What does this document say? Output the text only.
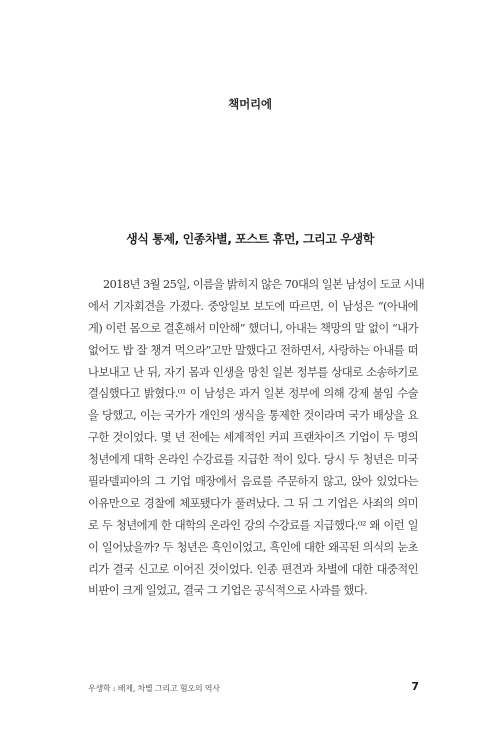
책머리에
생식 통제, 인종차별, 포스트 휴먼, 그리고 우생학
2018년 3월 25일, 이름을 밝히지 않은 70대의 일본 남성이 도쿄 시내
에서 기자회견을 가졌다. 중앙일보 보도에 따르면, 이 남성은 “(아내에
게) 이런 몸으로 결혼해서 미안해” 했더니, 아내는 책망의 말 없이 “내가
없어도 밥 잘 챙겨 먹으라”고만 말했다고 전하면서, 사랑하는 아내를 떠
나보내고 난 뒤, 자기 몸과 인생을 망친 일본 정부를 상대로 소송하기로
결심했다고 밝혔다.⁰¹ 이 남성은 과거 일본 정부에 의해 강제 불임 수술
을 당했고, 이는 국가가 개인의 생식을 통제한 것이라며 국가 배상을 요
구한 것이었다. 몇 년 전에는 세계적인 커피 프랜차이즈 기업이 두 명의
청년에게 대학 온라인 수강료를 지급한 적이 있다. 당시 두 청년은 미국
필라델피아의 그 기업 매장에서 음료를 주문하지 않고, 앉아 있었다는
이유만으로 경찰에 체포됐다가 풀려났다. 그 뒤 그 기업은 사죄의 의미
로 두 청년에게 한 대학의 온라인 강의 수강료를 지급했다.⁰² 왜 이런 일
이 일어났을까? 두 청년은 흑인이었고, 흑인에 대한 왜곡된 의식의 눈초
리가 결국 신고로 이어진 것이었다. 인종 편견과 차별에 대한 대중적인
비판이 크게 일었고, 결국 그 기업은 공식적으로 사과를 했다.
우생학 : 배제, 차별 그리고 혐오의 역사	7
